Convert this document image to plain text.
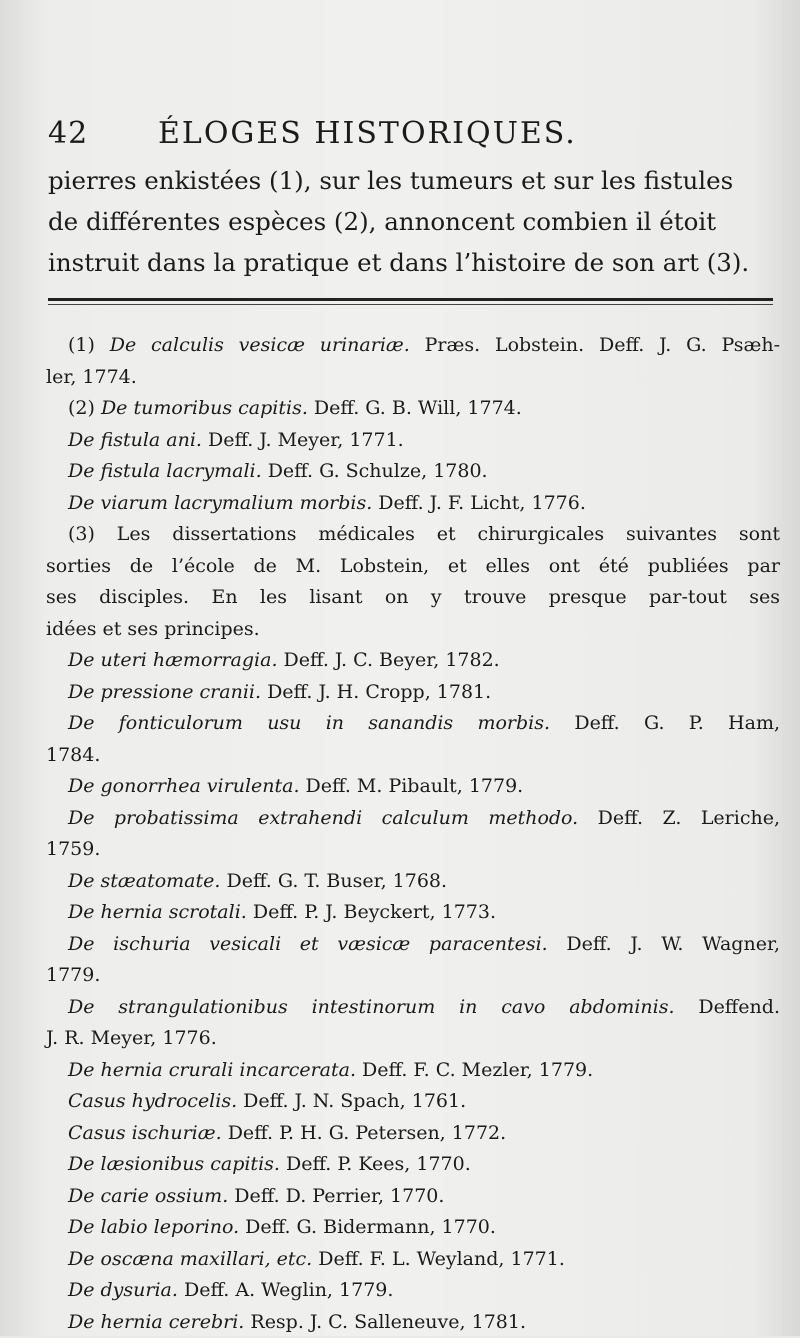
42 ÉLOGES HISTORIQUES.
pierres enkistées (1), sur les tumeurs et sur les fistules
de différentes espèces (2), annoncent combien il étoit
instruit dans la pratique et dans l’histoire de son art (3).
(1) De calculis vesicæ urinariæ. Præs. Lobstein. Deff. J. G. Psæh-
ler, 1774.
(2) De tumoribus capitis. Deff. G. B. Will, 1774.
De fistula ani. Deff. J. Meyer, 1771.
De fistula lacrymali. Deff. G. Schulze, 1780.
De viarum lacrymalium morbis. Deff. J. F. Licht, 1776.
(3) Les dissertations médicales et chirurgicales suivantes sont
sorties de l’école de M. Lobstein, et elles ont été publiées par
ses disciples. En les lisant on y trouve presque par-tout ses
idées et ses principes.
De uteri hæmorragia. Deff. J. C. Beyer, 1782.
De pressione cranii. Deff. J. H. Cropp, 1781.
De fonticulorum usu in sanandis morbis. Deff. G. P. Ham,
1784.
De gonorrhea virulenta. Deff. M. Pibault, 1779.
De probatissima extrahendi calculum methodo. Deff. Z. Leriche,
1759.
De stæatomate. Deff. G. T. Buser, 1768.
De hernia scrotali. Deff. P. J. Beyckert, 1773.
De ischuria vesicali et væsicæ paracentesi. Deff. J. W. Wagner,
1779.
De strangulationibus intestinorum in cavo abdominis. Deffend.
J. R. Meyer, 1776.
De hernia crurali incarcerata. Deff. F. C. Mezler, 1779.
Casus hydrocelis. Deff. J. N. Spach, 1761.
Casus ischuriæ. Deff. P. H. G. Petersen, 1772.
De læsionibus capitis. Deff. P. Kees, 1770.
De carie ossium. Deff. D. Perrier, 1770.
De labio leporino. Deff. G. Bidermann, 1770.
De oscæna maxillari, etc. Deff. F. L. Weyland, 1771.
De dysuria. Deff. A. Weglin, 1779.
De hernia cerebri. Resp. J. C. Salleneuve, 1781.
